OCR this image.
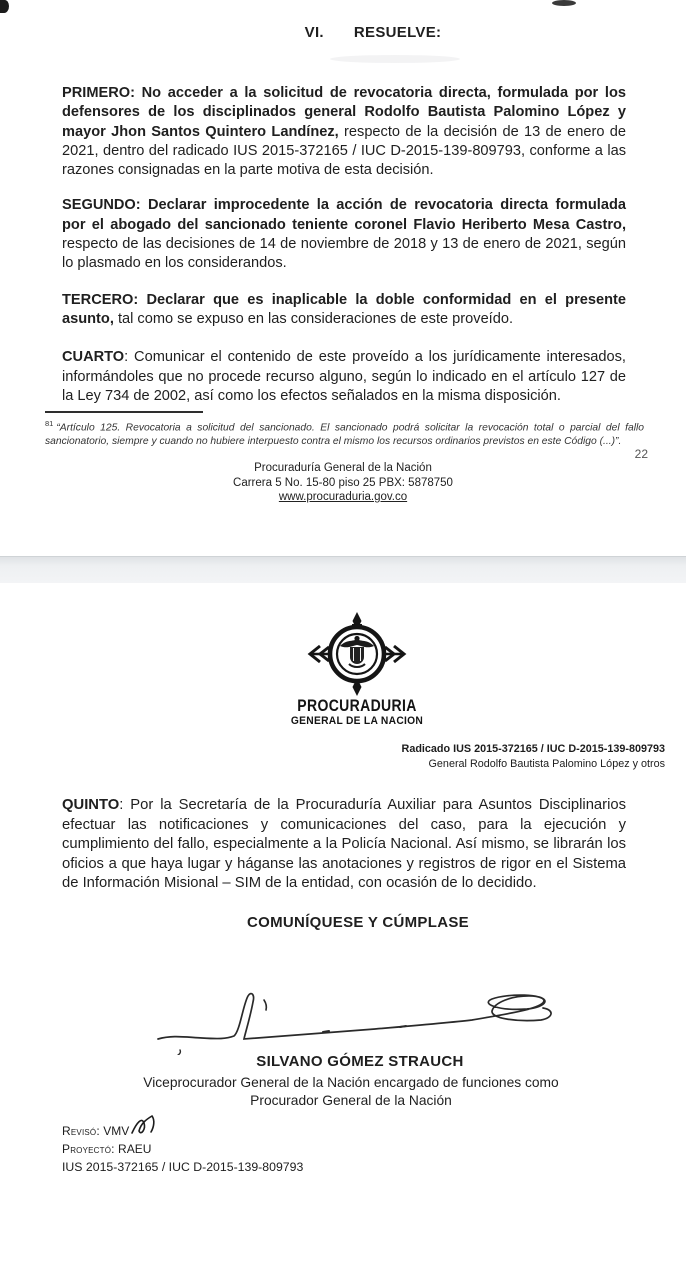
VI. RESUELVE:

PRIMERO: No acceder a la solicitud de revocatoria directa, formulada por los defensores de los disciplinados general Rodolfo Bautista Palomino López y mayor Jhon Santos Quintero Landínez, respecto de la decisión de 13 de enero de 2021, dentro del radicado IUS 2015-372165 / IUC D-2015-139-809793, conforme a las razones consignadas en la parte motiva de esta decisión.

SEGUNDO: Declarar improcedente la acción de revocatoria directa formulada por el abogado del sancionado teniente coronel Flavio Heriberto Mesa Castro, respecto de las decisiones de 14 de noviembre de 2018 y 13 de enero de 2021, según lo plasmado en los considerandos.

TERCERO: Declarar que es inaplicable la doble conformidad en el presente asunto, tal como se expuso en las consideraciones de este proveído.

CUARTO: Comunicar el contenido de este proveído a los jurídicamente interesados, informándoles que no procede recurso alguno, según lo indicado en el artículo 127 de la Ley 734 de 2002, así como los efectos señalados en la misma disposición.

$^{81}$ “Artículo 125. Revocatoria a solicitud del sancionado. El sancionado podrá solicitar la revocación total o parcial del fallo sancionatorio, siempre y cuando no hubiere interpuesto contra el mismo los recursos ordinarios previstos en este Código (...)”.
22
Procuraduría General de la Nación
Carrera 5 No. 15-80 piso 25 PBX: 5878750
www.procuraduria.gov.co
PROCURADURIA
GENERAL DE LA NACION
Radicado IUS 2015-372165 / IUC D-2015-139-809793
General Rodolfo Bautista Palomino López y otros

QUINTO: Por la Secretaría de la Procuraduría Auxiliar para Asuntos Disciplinarios efectuar las notificaciones y comunicaciones del caso, para la ejecución y cumplimiento del fallo, especialmente a la Policía Nacional. Así mismo, se librarán los oficios a que haya lugar y háganse las anotaciones y registros de rigor en el Sistema de Información Misional – SIM de la entidad, con ocasión de lo decidido.

COMUNÍQUESE Y CÚMPLASE
SILVANO GÓMEZ STRAUCH
Viceprocurador General de la Nación encargado de funciones como
Procurador General de la Nación
Revisó:
VMV
Proyectó:
RAEU
IUS 2015-372165 / IUC D-2015-139-809793
